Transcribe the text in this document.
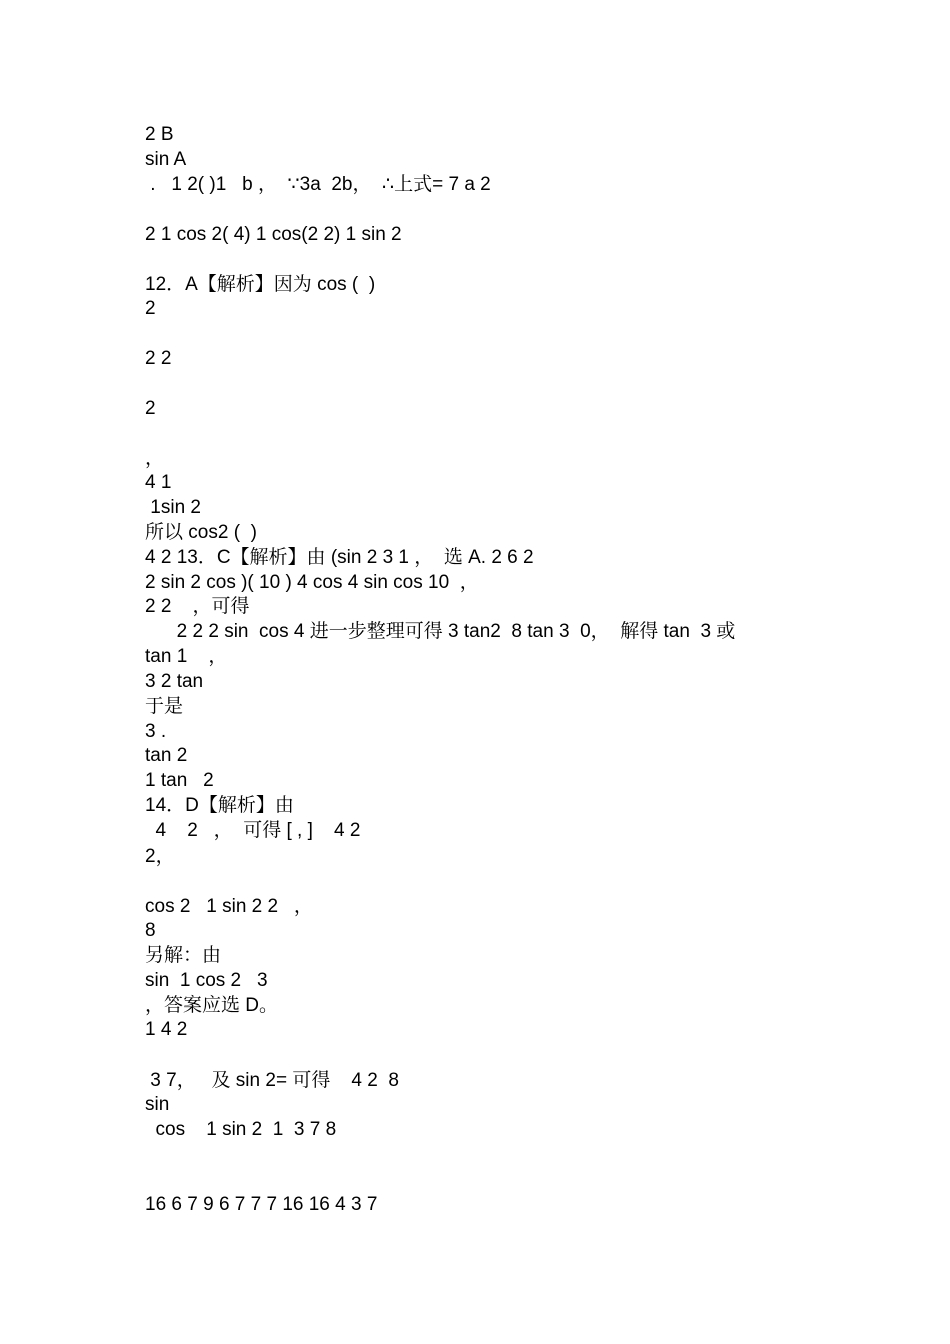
2 B
sin A
.   1 2( )1   b ，  ∵3a  2b，  ∴上式= 7 a 2
2 1 cos 2( 4) 1 cos(2 2) 1 sin 2
12．A【解析】因为 cos (  )
2
2 2
2
，
4 1
1sin 2
所以 cos2 (  )
4 2 13．C【解析】由 (sin 2 3 1 ，  选 A. 2 6 2
2 sin 2 cos )( 10 ) 4 cos 4 sin cos 10  ，
2 2    ，可得
2 2 2 sin  cos 4 进一步整理可得 3 tan2  8 tan 3  0，  解得 tan  3 或
tan 1    ，
3 2 tan
于是
3 .
tan 2
1 tan   2
14．D【解析】由
4    2   ，  可得 [ , ]    4 2
2，
cos 2   1 sin 2 2   ，
8
另解：由
sin  1 cos 2   3
，答案应选 D。
1 4 2
3 7，   及 sin 2= 可得    4 2  8
sin
cos    1 sin 2  1  3 7 8
16 6 7 9 6 7 7 7 16 16 4 3 7
